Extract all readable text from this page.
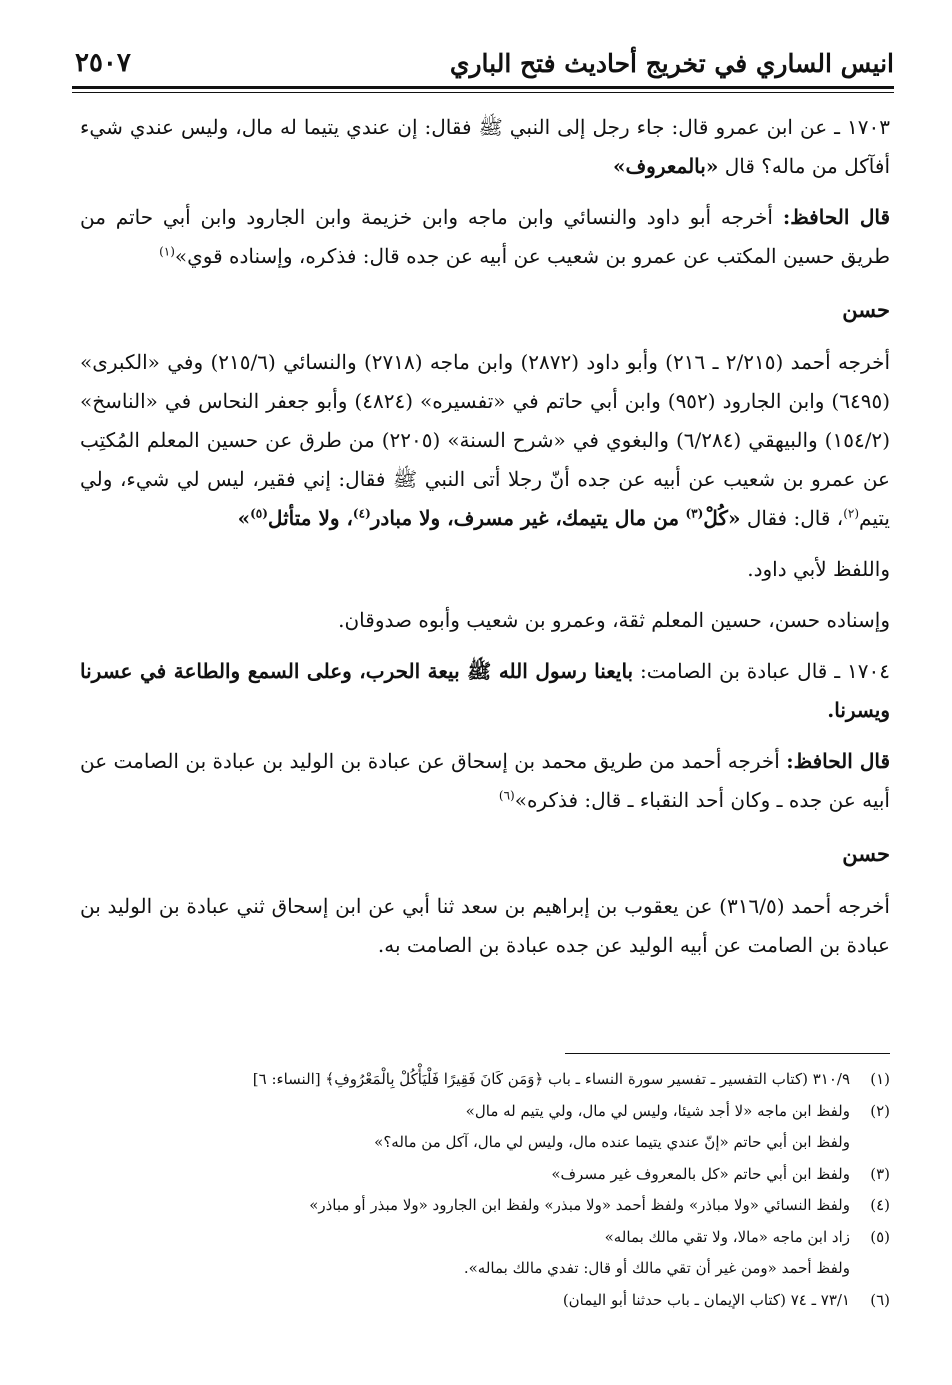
انيس الساري في تخريج أحاديث فتح الباري
٢٥٠٧

١٧٠٣ ـ عن ابن عمرو قال: جاء رجل إلى النبي ﷺ فقال: إن عندي يتيما له مال، وليس عندي شيء أفآكل من ماله؟ قال «بالمعروف»

قال الحافظ: أخرجه أبو داود والنسائي وابن ماجه وابن خزيمة وابن الجارود وابن أبي حاتم من طريق حسين المكتب عن عمرو بن شعيب عن أبيه عن جده قال: فذكره، وإسناده قوي»$^{(١)}$

حسن

أخرجه أحمد (٢/٢١٥ ـ ٢١٦) وأبو داود (٢٨٧٢) وابن ماجه (٢٧١٨) والنسائي (٢١٥/٦) وفي «الكبرى» (٦٤٩٥) وابن الجارود (٩٥٢) وابن أبي حاتم في «تفسيره» (٤٨٢٤) وأبو جعفر النحاس في «الناسخ» (١٥٤/٢) والبيهقي (٦/٢٨٤) والبغوي في «شرح السنة» (٢٢٠٥) من طرق عن حسين المعلم المُكتِب عن عمرو بن شعيب عن أبيه عن جده أنّ رجلا أتى النبي ﷺ فقال: إني فقير، ليس لي شيء، ولي يتيم$^{(٢)}$، قال: فقال «كُلْ$^{(٣)}$ من مال يتيمك، غير مسرف، ولا مبادر$^{(٤)}$، ولا متأثل$^{(٥)}$»

واللفظ لأبي داود.

وإسناده حسن، حسين المعلم ثقة، وعمرو بن شعيب وأبوه صدوقان.

١٧٠٤ ـ قال عبادة بن الصامت: بايعنا رسول الله ﷺ بيعة الحرب، وعلى السمع والطاعة في عسرنا ويسرنا.

قال الحافظ: أخرجه أحمد من طريق محمد بن إسحاق عن عبادة بن الوليد بن عبادة بن الصامت عن أبيه عن جده ـ وكان أحد النقباء ـ قال: فذكره»$^{(٦)}$

حسن

أخرجه أحمد (٣١٦/٥) عن يعقوب بن إبراهيم بن سعد ثنا أبي عن ابن إسحاق ثني عبادة بن الوليد بن عبادة بن الصامت عن أبيه الوليد عن جده عبادة بن الصامت به.

(١)
٣١٠/٩ (كتاب التفسير ـ تفسير سورة النساء ـ باب ﴿وَمَن كَانَ فَقِيرًا فَلْيَأْكُلْ بِالْمَعْرُوفِ﴾ [النساء: ٦]
(٢)
ولفظ ابن ماجه «لا أجد شيئا، وليس لي مال، ولي يتيم له مال»
ولفظ ابن أبي حاتم «إنّ عندي يتيما عنده مال، وليس لي مال، آكل من ماله؟»
(٣)
ولفظ ابن أبي حاتم «كل بالمعروف غير مسرف»
(٤)
ولفظ النسائي «ولا مباذر» ولفظ أحمد «ولا مبذر» ولفظ ابن الجارود «ولا مبذر أو مباذر»
(٥)
زاد ابن ماجه «مالا، ولا تقي مالك بماله»
ولفظ أحمد «ومن غير أن تقي مالك أو قال: تفدي مالك بماله».
(٦)
٧٣/١ ـ ٧٤ (كتاب الإيمان ـ باب حدثنا أبو اليمان)
